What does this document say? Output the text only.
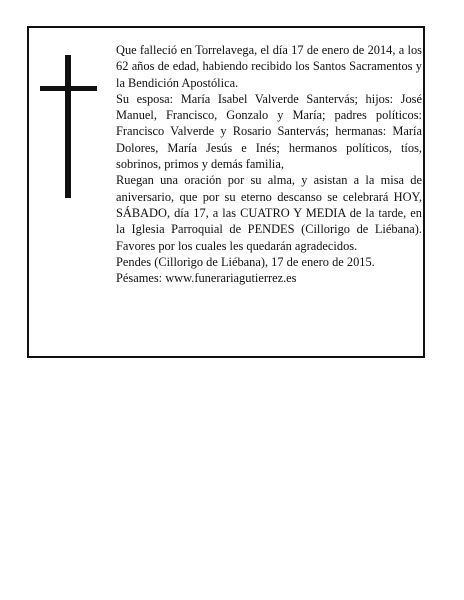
Que falleció en Torrelavega, el día 17 de enero de 2014, a los 62 años de edad, habiendo recibido los Santos Sacramentos y la Bendición Apostólica.

Su esposa: María Isabel Valverde Santervás; hijos: José Manuel, Francisco, Gonzalo y María; padres políticos: Francisco Valverde y Rosario Santervás; hermanas: María Dolores, María Jesús e Inés; hermanos políticos, tíos, sobrinos, primos y demás familia,

Ruegan una oración por su alma, y asistan a la misa de aniversario, que por su eterno descanso se celebrará HOY, SÁBADO, día 17, a las CUATRO Y MEDIA de la tarde, en la Iglesia Parroquial de PENDES (Cillorigo de Liébana). Favores por los cuales les quedarán agradecidos.

Pendes (Cillorigo de Liébana), 17 de enero de 2015.

Pésames: www.funerariagutierrez.es
